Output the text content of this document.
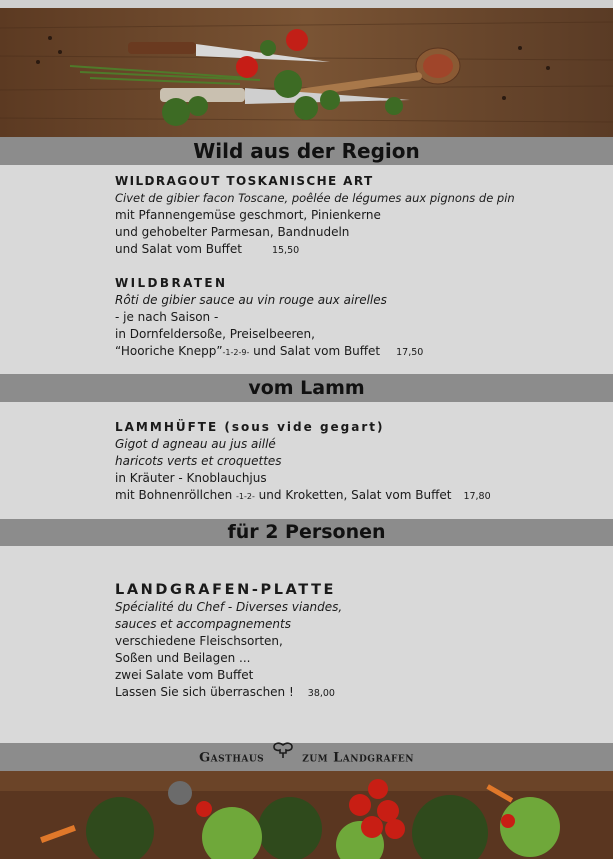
Wild aus der Region
WILDRAGOUT TOSKANISCHE ART
Civet de gibier facon Toscane, poêlée de légumes aux pignons de pin
mit Pfannengemüse geschmort, Pinienkerne
und gehobelter Parmesan, Bandnudeln
und Salat vom Buffet	15,50
WILDBRATEN
Rôti de gibier sauce au vin rouge aux airelles
- je nach Saison -
in Dornfeldersoße, Preiselbeeren,
“Hooriche Knepp”-1-2-9- und Salat vom Buffet 17,50
vom Lamm
LAMMHÜFTE (sous vide gegart)
Gigot d agneau au jus aillé
haricots verts et croquettes
in Kräuter - Knoblauchjus
mit Bohnenröllchen -1-2- und Kroketten, Salat vom Buffet 17,80
für 2 Personen
LANDGRAFEN-PLATTE
Spécialité du Chef - Diverses viandes,
sauces et accompagnements
verschiedene Fleischsorten,
Soßen und Beilagen ...
zwei Salate vom Buffet
Lassen Sie sich überraschen ! 38,00
Gasthaus	zum Landgrafen
